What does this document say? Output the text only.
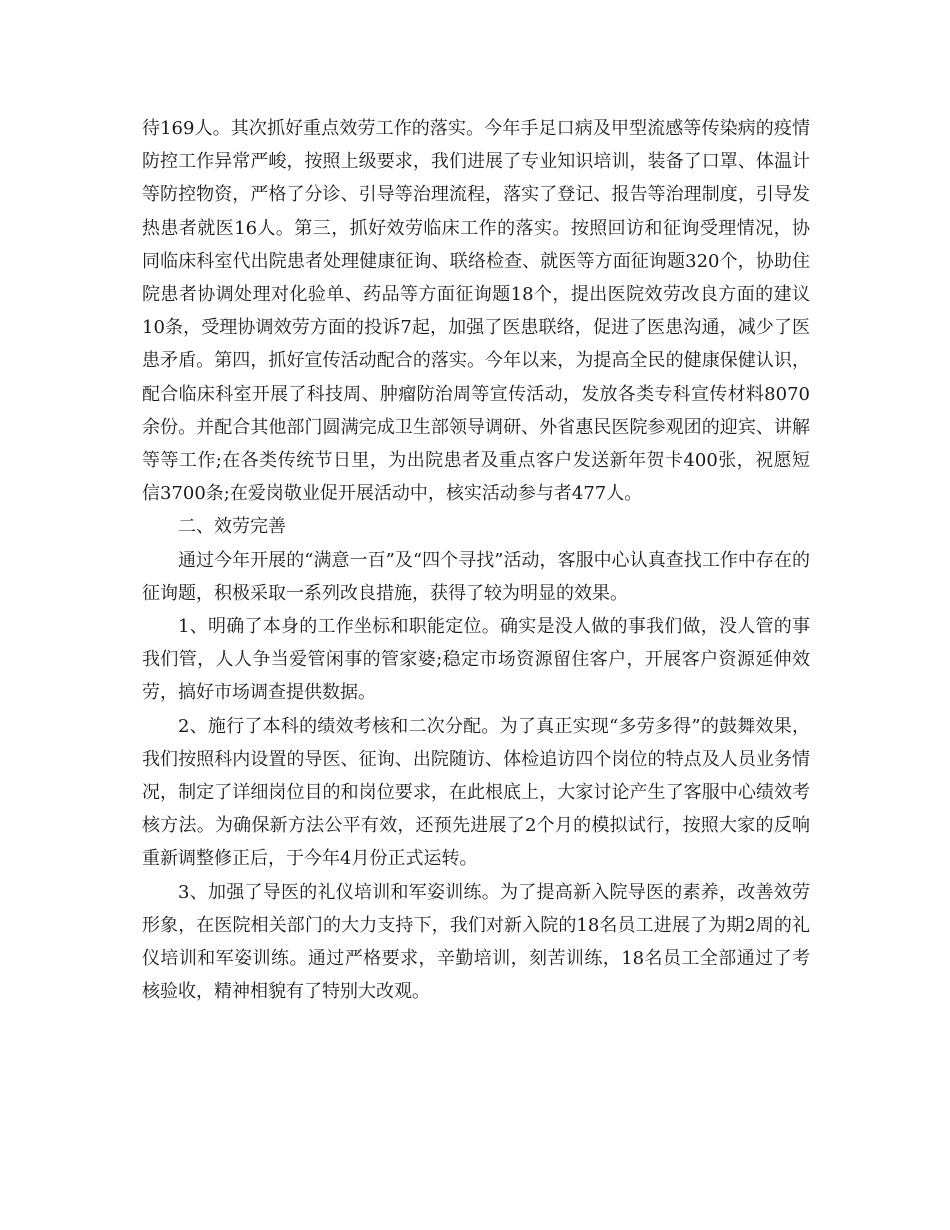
待169人。其次抓好重点效劳工作的落实。今年手足口病及甲型流感等传染病的疫情防控工作异常严峻，按照上级要求，我们进展了专业知识培训，装备了口罩、体温计等防控物资，严格了分诊、引导等治理流程，落实了登记、报告等治理制度，引导发热患者就医16人。第三，抓好效劳临床工作的落实。按照回访和征询受理情况，协同临床科室代出院患者处理健康征询、联络检查、就医等方面征询题320个，协助住院患者协调处理对化验单、药品等方面征询题18个，提出医院效劳改良方面的建议10条，受理协调效劳方面的投诉7起，加强了医患联络，促进了医患沟通，减少了医患矛盾。第四，抓好宣传活动配合的落实。今年以来，为提高全民的健康保健认识，配合临床科室开展了科技周、肿瘤防治周等宣传活动，发放各类专科宣传材料8070余份。并配合其他部门圆满完成卫生部领导调研、外省惠民医院参观团的迎宾、讲解等等工作;在各类传统节日里，为出院患者及重点客户发送新年贺卡400张，祝愿短信3700条;在爱岗敬业促开展活动中，核实活动参与者477人。

二、效劳完善

通过今年开展的“满意一百”及“四个寻找”活动，客服中心认真查找工作中存在的征询题，积极采取一系列改良措施，获得了较为明显的效果。

1、明确了本身的工作坐标和职能定位。确实是没人做的事我们做，没人管的事我们管，人人争当爱管闲事的管家婆;稳定市场资源留住客户，开展客户资源延伸效劳，搞好市场调查提供数据。

2、施行了本科的绩效考核和二次分配。为了真正实现“多劳多得”的鼓舞效果，我们按照科内设置的导医、征询、出院随访、体检追访四个岗位的特点及人员业务情况，制定了详细岗位目的和岗位要求，在此根底上，大家讨论产生了客服中心绩效考核方法。为确保新方法公平有效，还预先进展了2个月的模拟试行，按照大家的反响重新调整修正后，于今年4月份正式运转。

3、加强了导医的礼仪培训和军姿训练。为了提高新入院导医的素养，改善效劳形象，在医院相关部门的大力支持下，我们对新入院的18名员工进展了为期2周的礼仪培训和军姿训练。通过严格要求，辛勤培训，刻苦训练，18名员工全部通过了考核验收，精神相貌有了特别大改观。
